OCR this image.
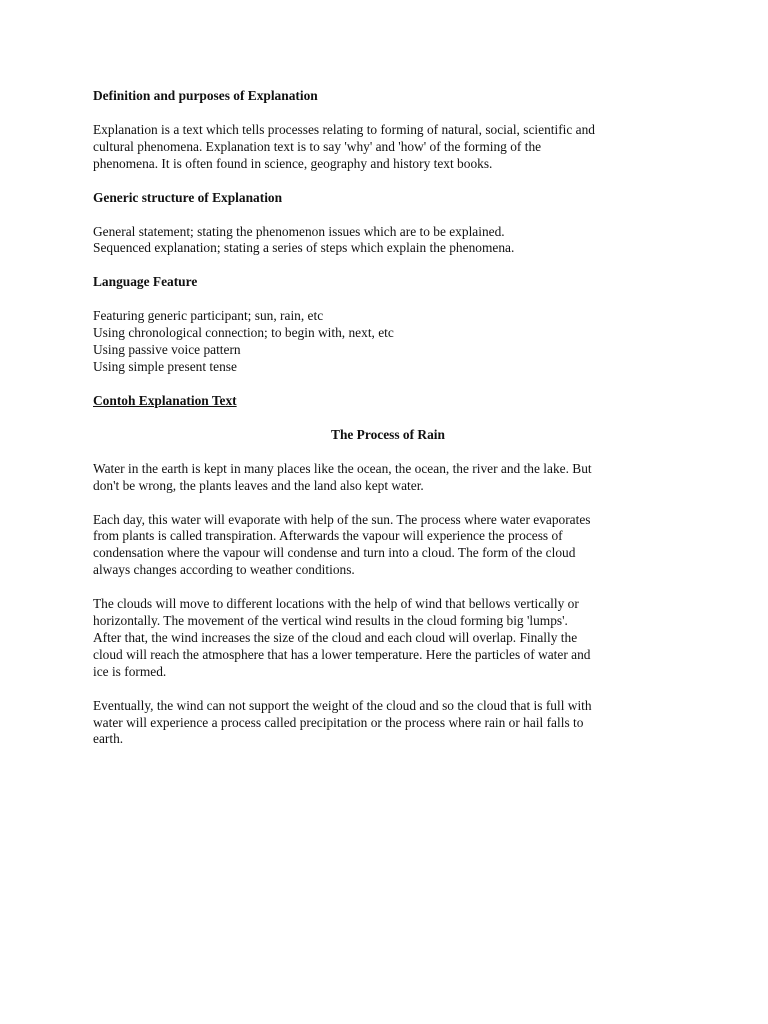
Definition and purposes of Explanation
Explanation is a text which tells processes relating to forming of natural, social, scientific and
cultural phenomena. Explanation text is to say 'why' and 'how' of the forming of the
phenomena. It is often found in science, geography and history text books.
Generic structure of Explanation
General statement; stating the phenomenon issues which are to be explained.
Sequenced explanation; stating a series of steps which explain the phenomena.
Language Feature
Featuring generic participant; sun, rain, etc
Using chronological connection; to begin with, next, etc
Using passive voice pattern
Using simple present tense
Contoh Explanation Text
The Process of Rain
Water in the earth is kept in many places like the ocean, the ocean, the river and the lake. But
don't be wrong, the plants leaves and the land also kept water.
Each day, this water will evaporate with help of the sun. The process where water evaporates
from plants is called transpiration. Afterwards the vapour will experience the process of
condensation where the vapour will condense and turn into a cloud. The form of the cloud
always changes according to weather conditions.
The clouds will move to different locations with the help of wind that bellows vertically or
horizontally. The movement of the vertical wind results in the cloud forming big 'lumps'.
After that, the wind increases the size of the cloud and each cloud will overlap. Finally the
cloud will reach the atmosphere that has a lower temperature. Here the particles of water and
ice is formed.
Eventually, the wind can not support the weight of the cloud and so the cloud that is full with
water will experience a process called precipitation or the process where rain or hail falls to
earth.
